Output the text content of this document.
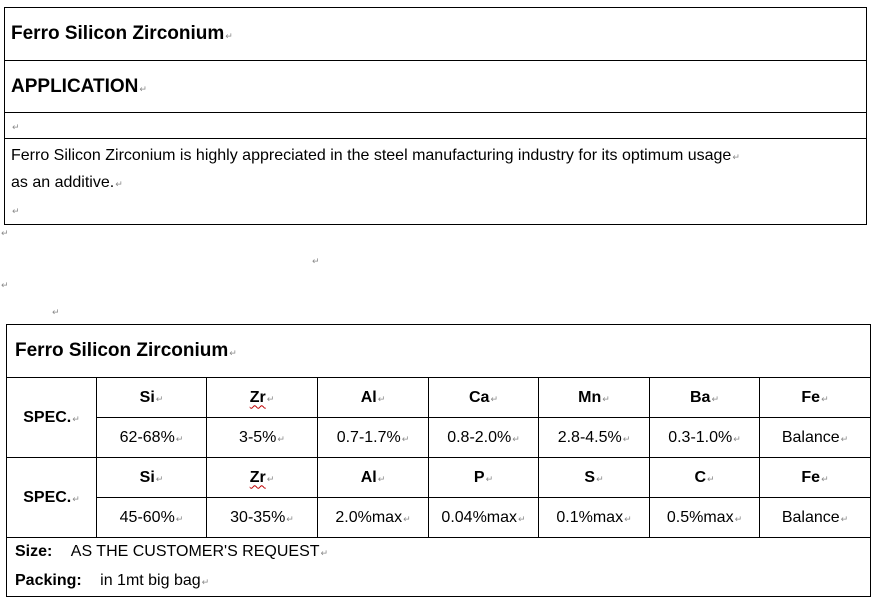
Ferro Silicon Zirconium↵
APPLICATION↵
↵
Ferro Silicon Zirconium is highly appreciated in the steel manufacturing industry for its optimum usage↵
as an additive.↵
↵
↵
↵
↵
↵
Ferro Silicon Zirconium↵							
SPEC.↵	Si↵	Zr↵	Al↵	Ca↵	Mn↵	Ba↵	Fe↵
	62-68%↵	3-5%↵	0.7-1.7%↵	0.8-2.0%↵	2.8-4.5%↵	0.3-1.0%↵	Balance↵
SPEC.↵	Si↵	Zr↵	Al↵	P↵	S↵	C↵	Fe↵
	45-60%↵	30-35%↵	2.0%max↵	0.04%max↵	0.1%max↵	0.5%max↵	Balance↵
Size: AS THE CUSTOMER'S REQUEST↵
Packing: in 1mt big bag↵							
